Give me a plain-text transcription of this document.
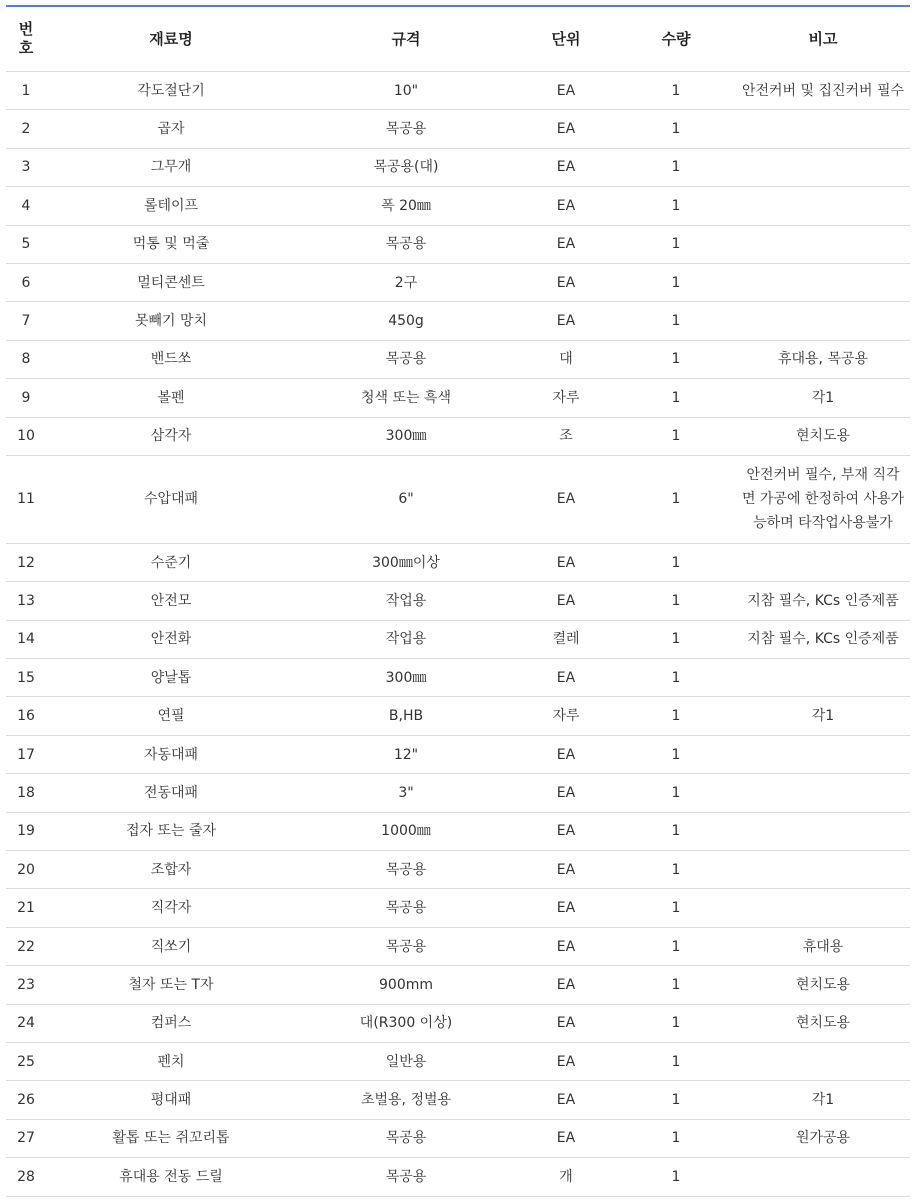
번
호	재료명	규격	단위	수량	비고
1	각도절단기	10"	EA	1	안전커버 및 집진커버 필수
2	곱자	목공용	EA	1	
3	그무개	목공용(대)	EA	1	
4	롤테이프	폭 20㎜	EA	1	
5	먹통 및 먹줄	목공용	EA	1	
6	멀티콘센트	2구	EA	1	
7	못빼기 망치	450g	EA	1	
8	밴드쏘	목공용	대	1	휴대용, 목공용
9	볼펜	청색 또는 흑색	자루	1	각1
10	삼각자	300㎜	조	1	현치도용
11	수압대패	6"	EA	1	안전커버 필수, 부재 직각면 가공에 한정하여 사용가능하며 타작업사용불가
12	수준기	300㎜이상	EA	1	
13	안전모	작업용	EA	1	지참 필수, KCs 인증제품
14	안전화	작업용	켤레	1	지참 필수, KCs 인증제품
15	양날톱	300㎜	EA	1	
16	연필	B,HB	자루	1	각1
17	자동대패	12"	EA	1	
18	전동대패	3"	EA	1	
19	접자 또는 줄자	1000㎜	EA	1	
20	조합자	목공용	EA	1	
21	직각자	목공용	EA	1	
22	직쏘기	목공용	EA	1	휴대용
23	철자 또는 T자	900mm	EA	1	현치도용
24	컴퍼스	대(R300 이상)	EA	1	현치도용
25	펜치	일반용	EA	1	
26	평대패	초벌용, 정벌용	EA	1	각1
27	활톱 또는 쥐꼬리톱	목공용	EA	1	원가공용
28	휴대용 전동 드릴	목공용	개	1	
